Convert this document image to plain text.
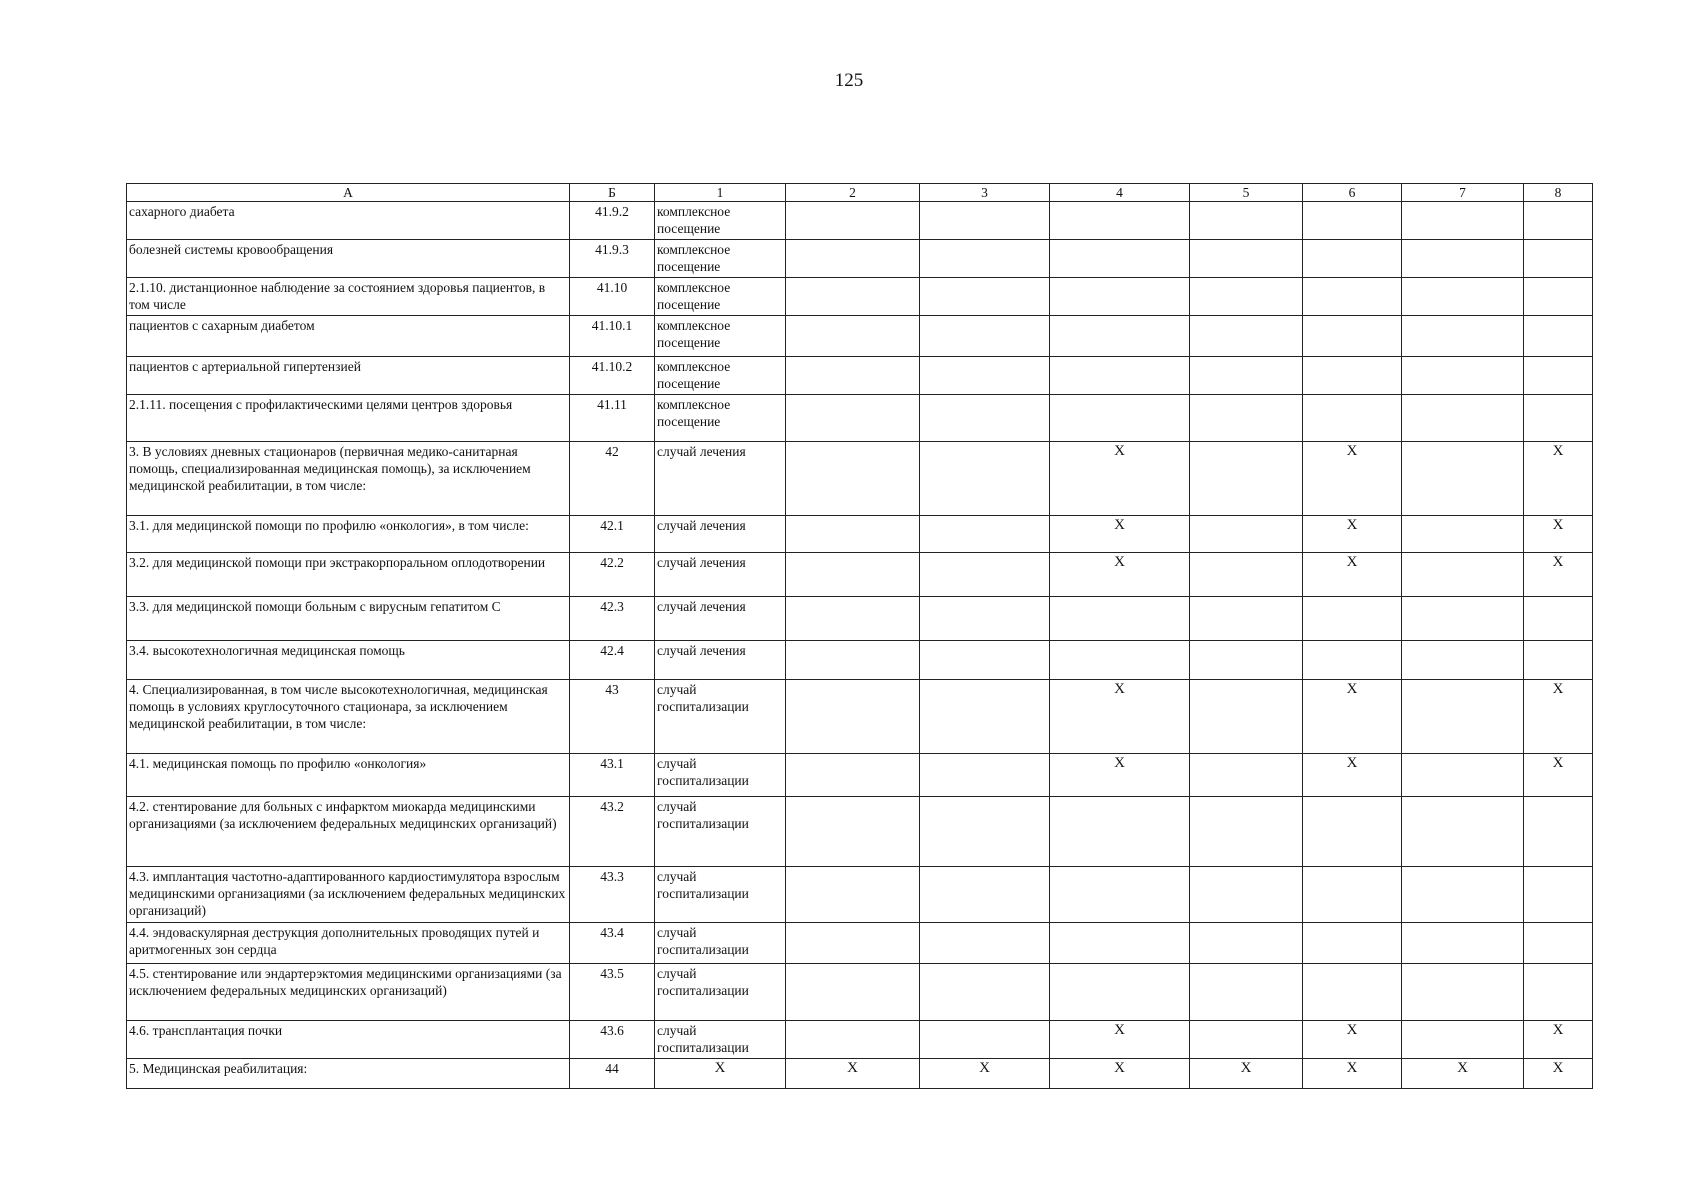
125
А	Б	1	2	3	4	5	6	7	8
сахарного диабета	41.9.2	комплексное посещение							
болезней системы кровообращения	41.9.3	комплексное посещение							
2.1.10. дистанционное наблюдение за состоянием здоровья пациентов, в том числе	41.10	комплексное посещение							
пациентов с сахарным диабетом	41.10.1	комплексное посещение							
пациентов с артериальной гипертензией	41.10.2	комплексное посещение							
2.1.11. посещения с профилактическими целями центров здоровья	41.11	комплексное посещение							
3. В условиях дневных стационаров (первичная медико-санитарная помощь, специализированная медицинская помощь), за исключением медицинской реабилитации, в том числе:	42	случай лечения			Х		Х		Х
3.1. для медицинской помощи по профилю «онкология», в том числе:	42.1	случай лечения			Х		Х		Х
3.2. для медицинской помощи при экстракорпоральном оплодотворении	42.2	случай лечения			Х		Х		Х
3.3. для медицинской помощи больным с вирусным гепатитом С	42.3	случай лечения							
3.4. высокотехнологичная медицинская помощь	42.4	случай лечения							
4. Специализированная, в том числе высокотехнологичная, медицинская помощь в условиях круглосуточного стационара, за исключением медицинской реабилитации, в том числе:	43	случай госпитализации			Х		Х		Х
4.1. медицинская помощь по профилю «онкология»	43.1	случай госпитализации			Х		Х		Х
4.2. стентирование для больных с инфарктом миокарда медицинскими организациями (за исключением федеральных медицинских организаций)	43.2	случай госпитализации							
4.3. имплантация частотно-адаптированного кардиостимулятора взрослым медицинскими организациями (за исключением федеральных медицинских организаций)	43.3	случай госпитализации							
4.4. эндоваскулярная деструкция дополнительных проводящих путей и аритмогенных зон сердца	43.4	случай госпитализации							
4.5. стентирование или эндартерэктомия медицинскими организациями (за исключением федеральных медицинских организаций)	43.5	случай госпитализации							
4.6. трансплантация почки	43.6	случай госпитализации			Х		Х		Х
5. Медицинская реабилитация:	44	Х	Х	Х	Х	Х	Х	Х	Х
